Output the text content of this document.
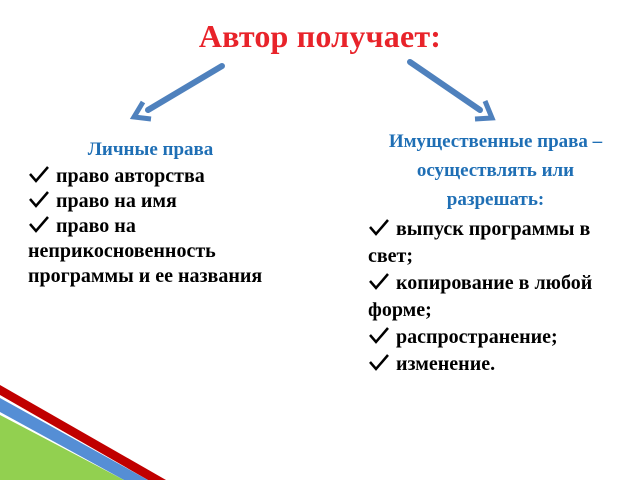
Автор получает:
Личные права
право авторства
право на имя
право на неприкосновенность программы и ее названия
Имущественные права – осуществлять или разрешать:
выпуск программы в свет;
копирование в любой форме;
распространение;
изменение.
